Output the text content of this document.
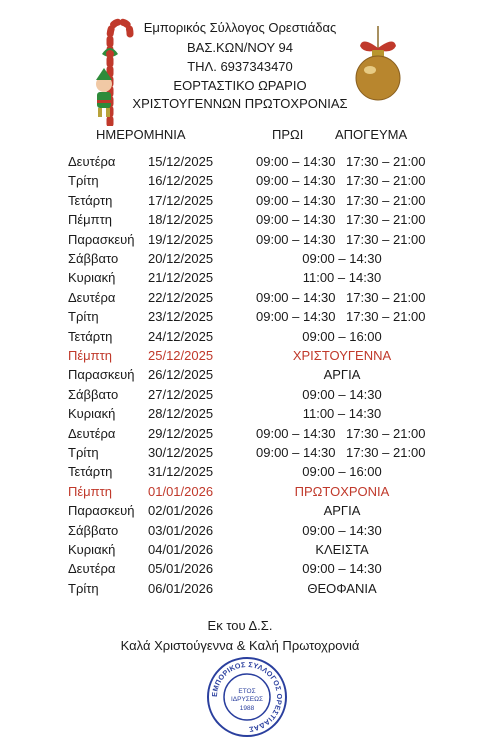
Εμπορικός Σύλλογος Ορεστιάδας
ΒΑΣ.ΚΩΝ/ΝΟΥ 94
ΤΗΛ. 6937343470
ΕΟΡΤΑΣΤΙΚΟ ΩΡΑΡΙΟ
ΧΡΙΣΤΟΥΓΕΝΝΩΝ ΠΡΩΤΟΧΡΟΝΙΑΣ
ΗΜΕΡΟΜΗΝΙΑ	ΠΡΩΙ ΑΠΟΓΕΥΜΑ
Δευτέρα	15/12/2025	09:00 – 14:30 17:30 – 21:00
Τρίτη	16/12/2025	09:00 – 14:30 17:30 – 21:00
Τετάρτη	17/12/2025	09:00 – 14:30 17:30 – 21:00
Πέμπτη	18/12/2025	09:00 – 14:30 17:30 – 21:00
Παρασκευή 19/12/2025	09:00 – 14:30 17:30 – 21:00
Σάββατο 20/12/2025	09:00 – 14:30
Κυριακή	21/12/2025	11:00 – 14:30
Δευτέρα	22/12/2025	09:00 – 14:30 17:30 – 21:00
Τρίτη	23/12/2025	09:00 – 14:30 17:30 – 21:00
Τετάρτη	24/12/2025	09:00 – 16:00
Πέμπτη	25/12/2025	ΧΡΙΣΤΟΥΓΕΝΝΑ
Παρασκευή 26/12/2025	ΑΡΓΙΑ
Σάββατο 27/12/2025	09:00 – 14:30
Κυριακή	28/12/2025	11:00 – 14:30
Δευτέρα	29/12/2025	09:00 – 14:30 17:30 – 21:00
Τρίτη	30/12/2025	09:00 – 14:30 17:30 – 21:00
Τετάρτη	31/12/2025	09:00 – 16:00
Πέμπτη	01/01/2026	ΠΡΩΤΟΧΡΟΝΙΑ
Παρασκευή 02/01/2026	ΑΡΓΙΑ
Σάββατο 03/01/2026	09:00 – 14:30
Κυριακή	04/01/2026	ΚΛΕΙΣΤΑ
Δευτέρα	05/01/2026	09:00 – 14:30
Τρίτη	06/01/2026	ΘΕΟΦΑΝΙΑ
Εκ του Δ.Σ.
Καλά Χριστούγεννα & Καλή Πρωτοχρονιά
ΕΜΠΟΡΙΚΟΣ ΣΥΛΛΟΓΟΣ ΟΡΕΣΤΙΑΔΑΣ
ΕΤΟΣ
ΙΔΡΥΣΕΩΣ
1988
